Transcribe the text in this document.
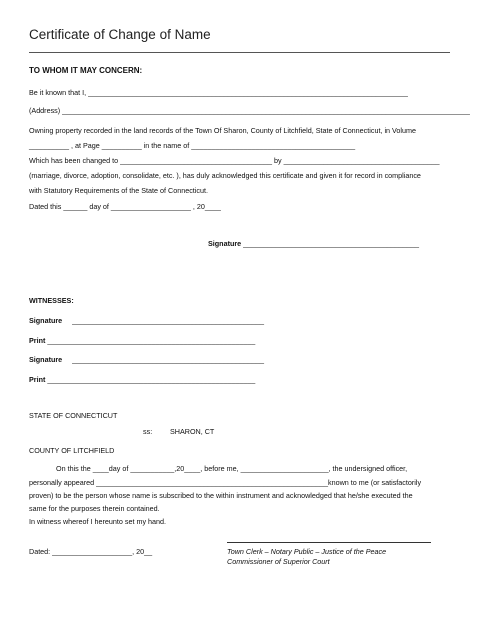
Certificate of Change of Name
TO WHOM IT MAY CONCERN:
Be it known that I, ________________________________________________________________________________
(Address) ______________________________________________________________________________________________________
Owning property recorded in the land records of the Town Of Sharon, County of Litchfield, State of Connecticut, in Volume
__________ , at Page __________ in the name of _________________________________________
Which has been changed to ______________________________________ by _______________________________________
(marriage, divorce, adoption, consolidate, etc. ), has duly acknowledged this certificate and given it for record in compliance
with Statutory Requirements of the State of Connecticut.
Dated this ______ day of ____________________ , 20____
Signature ____________________________________________
WITNESSES:
Signature     ________________________________________________
Print ____________________________________________________
Signature     ________________________________________________
Print ____________________________________________________
STATE OF CONNECTICUT
ss: SHARON, CT
COUNTY OF LITCHFIELD
On this the ____day of ___________,20____, before me, ______________________, the undersigned officer,
personally appeared __________________________________________________________known to me (or satisfactorily
proven) to be the person whose name is subscribed to the within instrument and acknowledged that he/she executed the
same for the purposes therein contained.
In witness whereof I hereunto set my hand.
Dated: ____________________, 20__	Town Clerk – Notary Public – Justice of the Peace
Commissioner of Superior Court
